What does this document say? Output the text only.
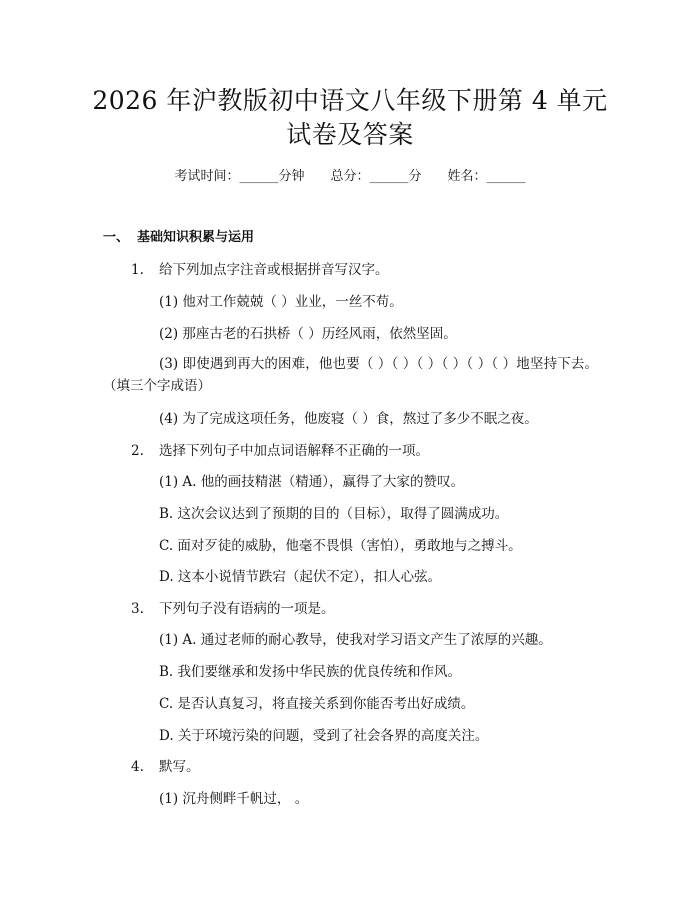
2026 年沪教版初中语文八年级下册第 4 单元
试卷及答案
考试时间：______分钟 总分：______分 姓名：______
一、 基础知识积累与运用
1. 给下列加点字注音或根据拼音写汉字。
(1) 他对工作兢兢（ ）业业，一丝不苟。
(2) 那座古老的石拱桥（ ）历经风雨，依然坚固。
(3) 即使遇到再大的困难，他也要（ ）（ ）（ ）（ ）（ ）（ ）地坚持下去。（填三个字成语）
(4) 为了完成这项任务，他废寝（ ）食，熬过了多少不眠之夜。
2. 选择下列句子中加点词语解释不正确的一项。
(1) A. 他的画技精湛（精通），赢得了大家的赞叹。
B. 这次会议达到了预期的目的（目标），取得了圆满成功。
C. 面对歹徒的威胁，他毫不畏惧（害怕），勇敢地与之搏斗。
D. 这本小说情节跌宕（起伏不定），扣人心弦。
3. 下列句子没有语病的一项是。
(1) A. 通过老师的耐心教导，使我对学习语文产生了浓厚的兴趣。
B. 我们要继承和发扬中华民族的优良传统和作风。
C. 是否认真复习，将直接关系到你能否考出好成绩。
D. 关于环境污染的问题，受到了社会各界的高度关注。
4. 默写。
(1) 沉舟侧畔千帆过， 。
